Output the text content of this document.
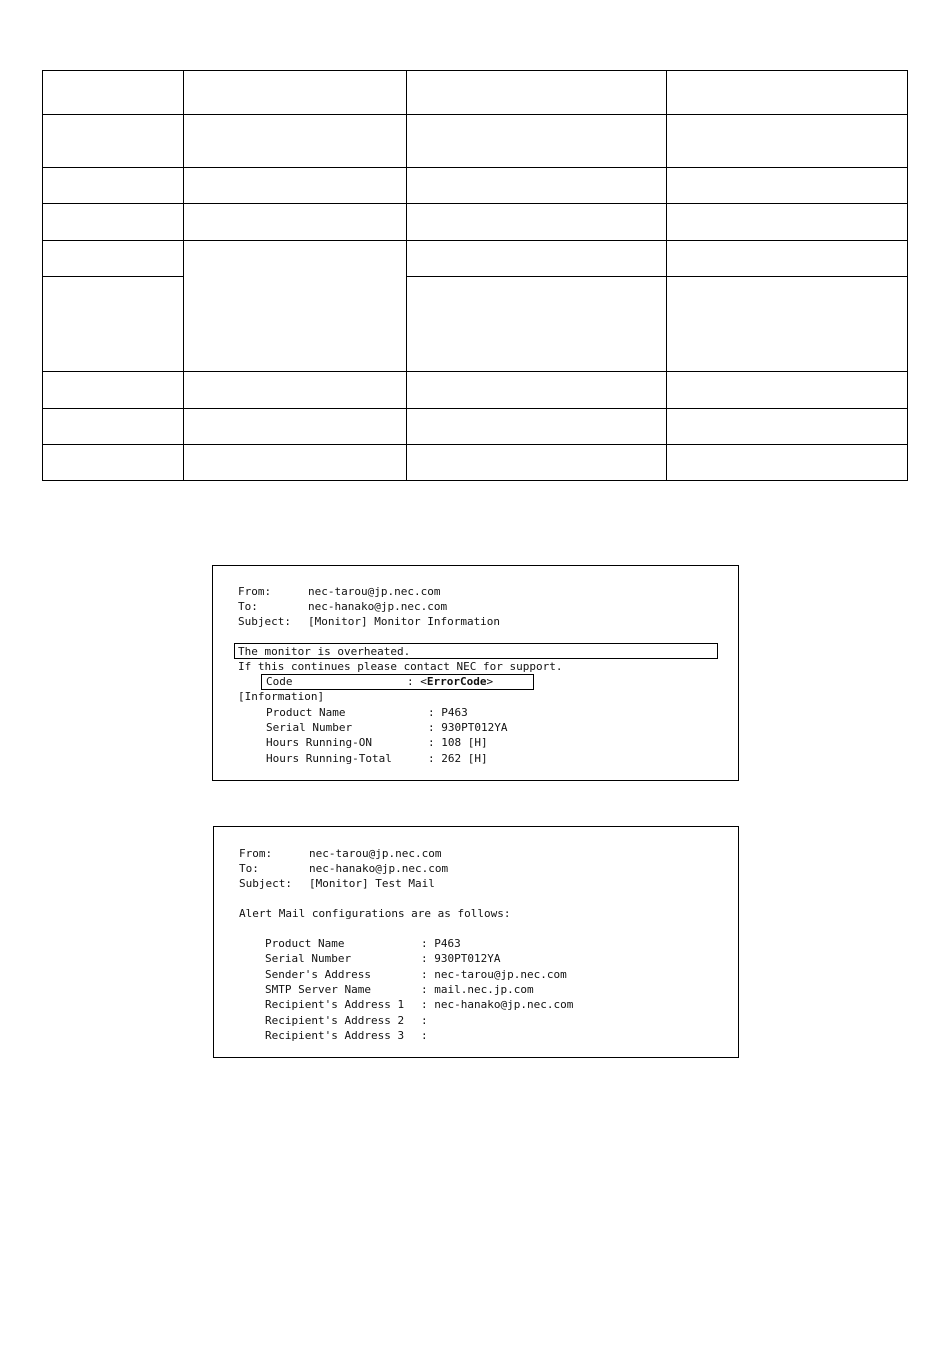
From:	nec-tarou@jp.nec.com
To:	nec-hanako@jp.nec.com
Subject: [Monitor] Monitor Information
The monitor is overheated.
If this continues please contact NEC for support.
Code	: <ErrorCode>
[Information]
Product Name	: P463
Serial Number	: 930PT012YA
Hours Running-ON	: 108 [H]
Hours Running-Total	: 262 [H]
From:	nec-tarou@jp.nec.com
To:	nec-hanako@jp.nec.com
Subject: [Monitor] Test Mail
Alert Mail configurations are as follows:
Product Name	: P463
Serial Number	: 930PT012YA
Sender's Address	: nec-tarou@jp.nec.com
SMTP Server Name	: mail.nec.jp.com
Recipient's Address 1 : nec-hanako@jp.nec.com
Recipient's Address 2 :
Recipient's Address 3 :
